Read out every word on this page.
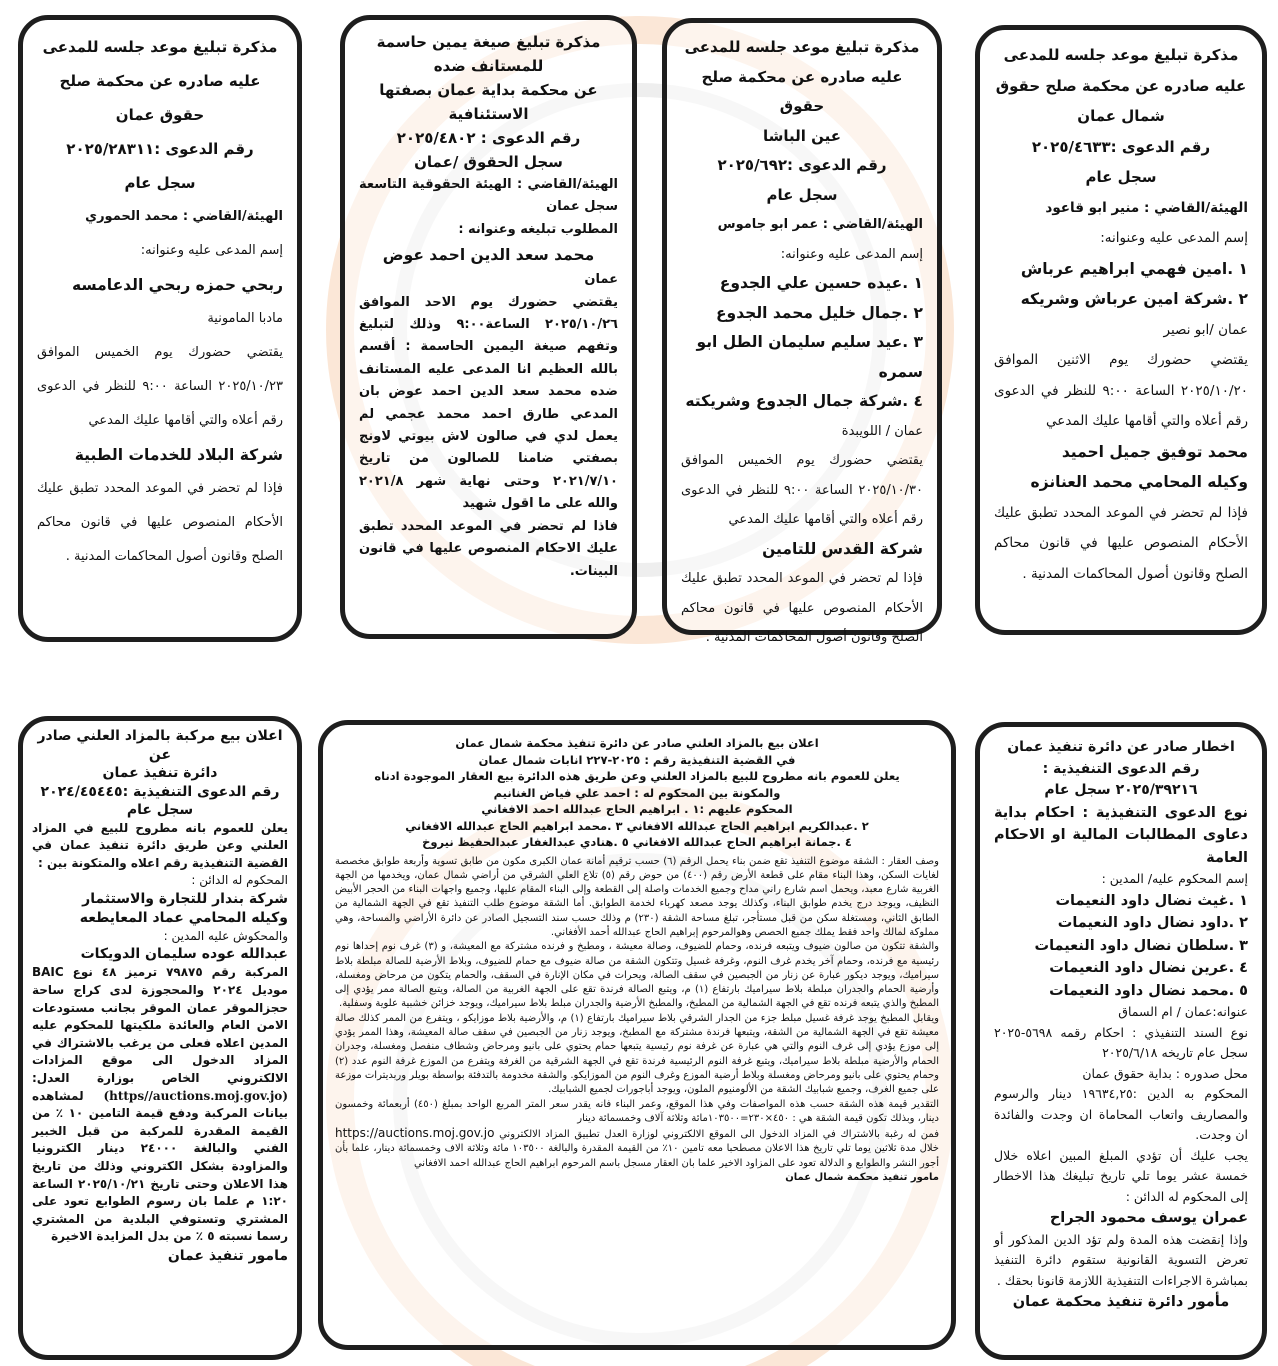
مذكرة تبليغ موعد جلسه للمدعى

عليه صادره عن محكمة صلح حقوق

شمال عمان

رقم الدعوى :٢٠٢٥/٤٦٣٣

سجل عام

الهيئة/القاضي : منير ابو قاعود

إسم المدعى عليه وعنوانه:

١ .امين فهمي ابراهيم عرباش

٢ .شركة امين عرباش وشريكه

عمان /ابو نصير

يقتضي حضورك يوم الاثنين الموافق ٢٠٢٥/١٠/٢٠ الساعة ٩:٠٠ للنظر في الدعوى رقم أعلاه والتي أقامها عليك المدعي

محمد توفيق جميل احميد

وكيله المحامي محمد العنانزه

فإذا لم تحضر في الموعد المحدد تطبق عليك الأحكام المنصوص عليها في قانون محاكم الصلح وقانون أصول المحاكمات المدنية .

مذكرة تبليغ موعد جلسه للمدعى

عليه صادره عن محكمة صلح حقوق

عين الباشا

رقم الدعوى :٢٠٢٥/٦٩٢

سجل عام

الهيئة/القاضي : عمر ابو جاموس

إسم المدعى عليه وعنوانه:

١ .عيده حسين علي الجدوع

٢ .جمال خليل محمد الجدوع

٣ .عيد سليم سليمان الطل ابو سمره

٤ .شركة جمال الجدوع وشريكته

عمان / اللويبدة

يقتضي حضورك يوم الخميس الموافق ٢٠٢٥/١٠/٣٠ الساعة ٩:٠٠ للنظر في الدعوى رقم أعلاه والتي أقامها عليك المدعي

شركة القدس للتامين

فإذا لم تحضر في الموعد المحدد تطبق عليك الأحكام المنصوص عليها في قانون محاكم الصلح وقانون أصول المحاكمات المدنية .

مذكرة تبليغ صيغة يمين حاسمة

للمستانف ضده

عن محكمة بداية عمان بصفتها

الاستئنافية

رقم الدعوى : ٢٠٢٥/٤٨٠٢

سجل الحقوق /عمان

الهيئة/القاضي : الهيئة الحقوقية التاسعة سجل عمان

المطلوب تبليغه وعنوانه :

محمد سعد الدين احمد عوض

عمان

يقتضي حضورك يوم الاحد الموافق ٢٠٢٥/١٠/٢٦ الساعة٩:٠٠ وذلك لتبليغ وتفهم صيغة اليمين الحاسمة : أقسم بالله العظيم انا المدعى عليه المستانف ضده محمد سعد الدين احمد عوض بان المدعي طارق احمد محمد عجمي لم يعمل لدي في صالون لاش بيوتي لاونج بصفتي ضامنا للصالون من تاريخ ٢٠٢١/٧/١٠ وحتى نهاية شهر ٢٠٢١/٨ والله على ما اقول شهيد

فاذا لم تحضر في الموعد المحدد تطبق عليك الاحكام المنصوص عليها في قانون البينات.

مذكرة تبليغ موعد جلسه للمدعى

عليه صادره عن محكمة صلح حقوق عمان

رقم الدعوى :٢٠٢٥/٢٨٣١١

سجل عام

الهيئة/القاضي : محمد الحموري

إسم المدعى عليه وعنوانه:

ربحي حمزه ربحي الدعامسه

مادبا المامونية

يقتضي حضورك يوم الخميس الموافق ٢٠٢٥/١٠/٢٣ الساعة ٩:٠٠ للنظر في الدعوى رقم أعلاه والتي أقامها عليك المدعي

شركة البلاد للخدمات الطبية

فإذا لم تحضر في الموعد المحدد تطبق عليك الأحكام المنصوص عليها في قانون محاكم الصلح وقانون أصول المحاكمات المدنية .

اخطار صادر عن دائرة تنفيذ عمان

رقم الدعوى التنفيذية :

٢٠٢٥/٣٩٢١٦ سجل عام

نوع الدعوى التنفيذية : احكام بداية دعاوى المطالبات المالية او الاحكام العامة

إسم المحكوم عليه/ المدين :

١ .غيث نضال داود النعيمات

٢ .داود نضال داود النعيمات

٣ .سلطان نضال داود النعيمات

٤ .عرين نضال داود النعيمات

٥ .محمد نضال داود النعيمات

عنوانه:عمان / ام السماق

نوع السند التنفيذي : احكام رقمه ٥٦٩٨-٢٠٢٥ سجل عام تاريخه ٢٠٢٥/٦/١٨

محل صدوره : بداية حقوق عمان

المحكوم به الدين :١٩٦٣٤,٢٥ دينار والرسوم والمصاريف واتعاب المحاماة ان وجدت والفائدة ان وجدت.

يجب عليك أن تؤدي المبلغ المبين اعلاه خلال خمسة عشر يوما تلي تاريخ تبليغك هذا الاخطار إلى المحكوم له الدائن :

عمران يوسف محمود الجراح

وإذا إنقضت هذه المدة ولم تؤد الدين المذكور أو تعرض التسوية القانونية ستقوم دائرة التنفيذ بمباشرة الاجراءات التنفيذية اللازمة قانونا بحقك .

مأمور دائرة تنفيذ محكمة عمان

اعلان بيع بالمزاد العلني صادر عن دائرة تنفيذ محكمة شمال عمان

في القضية التنفيذية رقم : ٢٠٢٥-٢٢٧ انابات شمال عمان

يعلن للعموم بانه مطروح للبيع بالمزاد العلني وعن طريق هذه الدائرة بيع العقار الموجودة ادناه

والمكونة بين المحكوم له : احمد علي فياض الغنانيم

المحكوم عليهم :١ . ابراهيم الحاج عبدالله احمد الافغاني

٢ .عبدالكريم ابراهيم الحاج عبدالله الافغاني ٣ .محمد ابراهيم الحاج عبدالله الافغاني

٤ .جمانة ابراهيم الحاج عبدالله الافغاني ٥ .هنادي عبدالغفار عبدالحفيظ نيروخ

وصف العقار : الشقة موضوع التنفيذ تقع ضمن بناء يحمل الرقم (٦) حسب ترقيم أمانة عمان الكبرى مكون من طابق تسوية وأربعة طوابق مخصصة لغايات السكن، وهذا البناء مقام على قطعة الأرض رقم (٤٠٠) من حوض رقم (٥) تلاع العلي الشرقي من أراضي شمال عمان، ويخدمها من الجهة الغربية شارع معبد، ويحمل اسم شارع راني مداح وجميع الخدمات واصلة إلى القطعة وإلى البناء المقام عليها، وجميع واجهات البناء من الحجر الأبيض النظيف، ويوجد درج يخدم طوابق البناء، وكذلك يوجد مصعد كهرباء لخدمة الطوابق. أما الشقة موضوع طلب التنفيذ تقع في الجهة الشمالية من الطابق الثاني، ومستغلة سكن من قبل مستأجر، تبلغ مساحة الشقة (٢٣٠) م وذلك حسب سند التسجيل الصادر عن دائرة الأراضي والمساحة، وهي مملوكة لمالك واحد فقط يملك جميع الحصص وهوالمرحوم إبراهيم الحاج عبدالله أحمد الأفغاني.

والشقة تتكون من صالون ضيوف ويتبعه فرنده، وحمام للضيوف، وصالة معيشة ، ومطبخ و فرنده مشتركة مع المعيشة، و (٣) غرف نوم إحداها نوم رئيسية مع فرنده، وحمام آخر يخدم غرف النوم، وغرفة غسيل وتتكون الشقة من صالة ضيوف مع حمام للضيوف، وبلاط الأرضية للصالة مبلطة بلاط سيراميك، ويوجد ديكور عبارة عن زنار من الجبصين في سقف الصالة، ويحرات في مكان الإنارة في السقف، والحمام يتكون من مرحاض ومغسلة، وأرضية الحمام والجدران مبلطة بلاط سيراميك بارتفاع (١) م، ويتبع الصالة فرندة تقع على الجهة الغربية من الصالة، ويتبع الصالة ممر يؤدي إلى المطبخ والذي يتبعه فرنده تقع في الجهة الشمالية من المطبخ، والمطبخ الأرضية والجدران مبلط بلاط سيراميك، ويوجد خزائن خشبية علوية وسفلية.

ويقابل المطبخ يوجد غرفة غسيل مبلط جزء من الجدار الشرقي بلاط سيراميك بارتفاع (١) م، والأرضية بلاط موزايكو ، ويتفرع من الممر كذلك صالة معيشة تقع في الجهة الشمالية من الشقة، ويتبعها فرندة مشتركة مع المطبخ، ويوجد زنار من الجبصين في سقف صالة المعيشة، وهذا الممر يؤدي إلى موزع يؤدي إلى غرف النوم والتي هي عبارة عن غرفة نوم رئيسية يتبعها حمام يحتوي على بانيو ومرحاض وشطاف منفصل ومغسلة، وجدران الحمام والأرضية مبلطة بلاط سيراميك، ويتبع غرفة النوم الرئيسية فرندة تقع في الجهة الشرقية من الغرفة ويتفرع من الموزع غرفة النوم عدد (٢) وحمام يحتوي على بانيو ومرحاض ومغسلة وبلاط أرضية الموزع وغرف النوم من الموزايكو. والشقة مخدومة بالتدفئة بواسطة بويلر وربديترات موزعة على جميع الغرف، وجميع شبابيك الشقة من الألومنيوم الملون، ويوجد أباجورات لجميع الشبابيك.

التقدير قيمة هذه الشقة حسب هذه المواصفات وفي هذا الموقع، وعمر البناء فانه يقدر سعر المتر المربع الواحد بمبلغ (٤٥٠) أربعمائة وخمسون دينار، وبذلك تكون قيمة الشقة هي : ٤٥٠×٢٣٠=١٠٣٥٠٠مائة وثلاثة آلاف وخمسمائة دينار

فمن له رغبة بالاشتراك في المزاد الدخول الى الموقع الالكتروني لوزارة العدل تطبيق المزاد الالكتروني https://auctions.moj.gov.jo خلال مدة ثلاثين يوما تلي تاريخ هذا الاعلان مصطحبا معه تامين ١٠٪ من القيمة المقدرة والبالغة ١٠٣٥٠٠ مائة وثلاثة الاف وخمسمائة دينار، علما بأن أجور النشر والطوابع و الدلالة تعود على المزاود الاخير علما بان العقار مسجل باسم المرحوم ابراهيم الحاج عبدالله احمد الافغاني

مامور تنفيذ محكمة شمال عمان

اعلان بيع مركبة بالمزاد العلني صادر عن

دائرة تنفيذ عمان

رقم الدعوى التنفيذية :٢٠٢٤/٤٥٤٤٥

سجل عام

يعلن للعموم بانه مطروح للبيع في المزاد العلني وعن طريق دائرة تنفيذ عمان في القضية التنفيذية رقم اعلاه والمتكونة بين :

المحكوم له الدائن :

شركة بندار للتجارة والاستثمار

وكيله المحامي عماد المعايطعه

والمحكوش عليه المدين :

عبدالله عوده سليمان الدويكات

المركبة رقم ٧٩٨٧٥ ترميز ٤٨ نوع BAIC موديل ٢٠٢٤ والمحجوزة لدى كراج ساحة حجزالموقر عمان الموقر بجانب مستودعات الامن العام والعائدة ملكيتها للمحكوم عليه المدين اعلاه فعلى من يرغب بالاشتراك في المزاد الدخول الى موقع المزادات الالكتروني الخاص بوزارة العدل: (https//auctions.moj.gov.jo) لمشاهده بيانات المركبة ودفع قيمة التامين ١٠ ٪ من القيمة المقدرة للمركبة من قبل الخبير الفني والبالغة ٢٤٠٠٠ دينار الكترونيا والمزاودة بشكل الكتروني وذلك من تاريخ هذا الاعلان وحتى تاريخ ٢٠٢٥/١٠/٢١ الساعة ١:٢٠ م علما بان رسوم الطوابع تعود على المشتري وتستوفي البلدية من المشتري رسما نسبته ٥ ٪ من بدل المزايدة الاخيرة

مامور تنفيذ عمان
